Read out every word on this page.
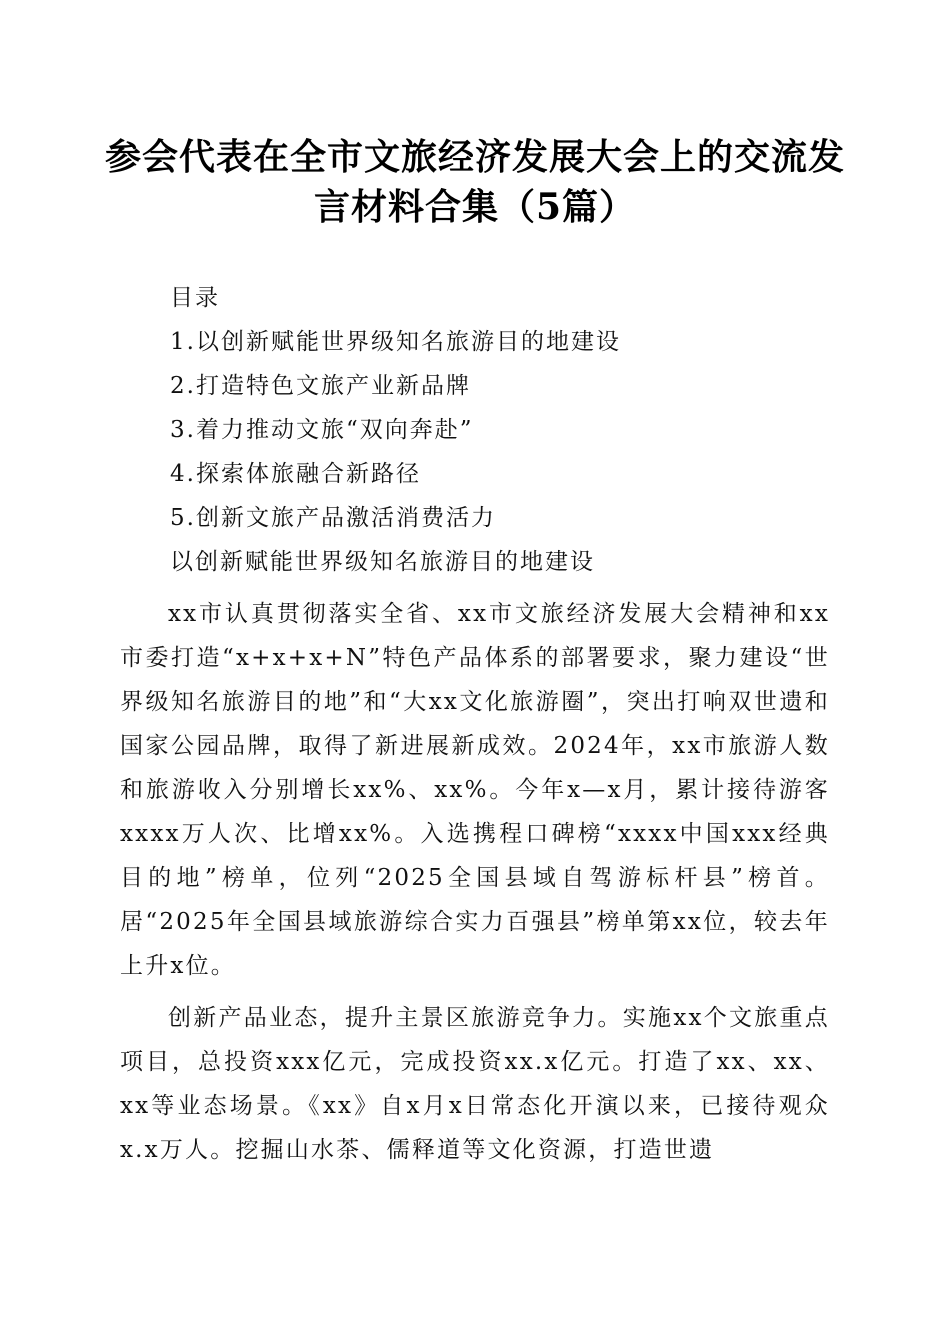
参会代表在全市文旅经济发展大会上的交流发
言材料合集（5篇）
目录
1.以创新赋能世界级知名旅游目的地建设
2.打造特色文旅产业新品牌
3.着力推动文旅“双向奔赴”
4.探索体旅融合新路径
5.创新文旅产品激活消费活力
以创新赋能世界级知名旅游目的地建设

xx市认真贯彻落实全省、xx市文旅经济发展大会精神和xx市委打造“x+x+x+N”特色产品体系的部署要求，聚力建设“世界级知名旅游目的地”和“大xx文化旅游圈”，突出打响双世遗和国家公园品牌，取得了新进展新成效。2024年，xx市旅游人数和旅游收入分别增长xx%、xx%。今年x—x月，累计接待游客xxxx万人次、比增xx%。入选携程口碑榜“xxxx中国xxx经典目的地”榜单，位列“2025全国县域自驾游标杆县”榜首。居“2025年全国县域旅游综合实力百强县”榜单第xx位，较去年上升x位。

创新产品业态，提升主景区旅游竞争力。实施xx个文旅重点项目，总投资xxx亿元，完成投资xx.x亿元。打造了xx、xx、xx等业态场景。《xx》自x月x日常态化开演以来，已接待观众x.x万人。挖掘山水茶、儒释道等文化资源，打造世遗
